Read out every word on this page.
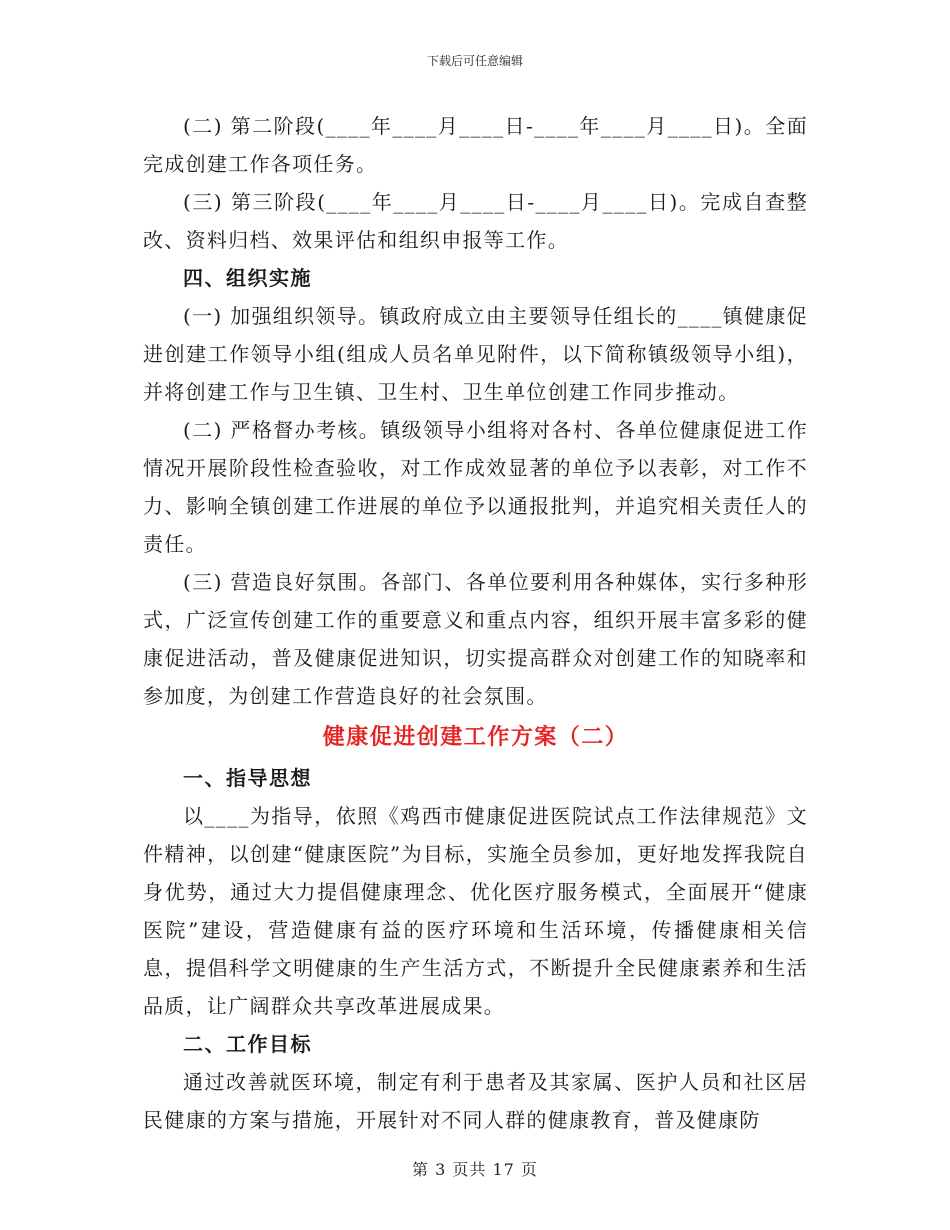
下载后可任意编辑

(二) 第二阶段(____年____月____日-____年____月____日)。全面完成创建工作各项任务。

(三) 第三阶段(____年____月____日-____月____日)。完成自查整改、资料归档、效果评估和组织申报等工作。

四、组织实施

(一) 加强组织领导。镇政府成立由主要领导任组长的____镇健康促进创建工作领导小组(组成人员名单见附件，以下简称镇级领导小组)，并将创建工作与卫生镇、卫生村、卫生单位创建工作同步推动。

(二) 严格督办考核。镇级领导小组将对各村、各单位健康促进工作情况开展阶段性检查验收，对工作成效显著的单位予以表彰，对工作不力、影响全镇创建工作进展的单位予以通报批判，并追究相关责任人的责任。

(三) 营造良好氛围。各部门、各单位要利用各种媒体，实行多种形式，广泛宣传创建工作的重要意义和重点内容，组织开展丰富多彩的健康促进活动，普及健康促进知识，切实提高群众对创建工作的知晓率和参加度，为创建工作营造良好的社会氛围。

健康促进创建工作方案（二）

一、指导思想

以____为指导，依照《鸡西市健康促进医院试点工作法律规范》文件精神，以创建“健康医院”为目标，实施全员参加，更好地发挥我院自身优势，通过大力提倡健康理念、优化医疗服务模式，全面展开“健康医院”建设，营造健康有益的医疗环境和生活环境，传播健康相关信息，提倡科学文明健康的生产生活方式，不断提升全民健康素养和生活品质，让广阔群众共享改革进展成果。

二、工作目标

通过改善就医环境，制定有利于患者及其家属、医护人员和社区居民健康的方案与措施，开展针对不同人群的健康教育，普及健康防

第 3 页共 17 页
